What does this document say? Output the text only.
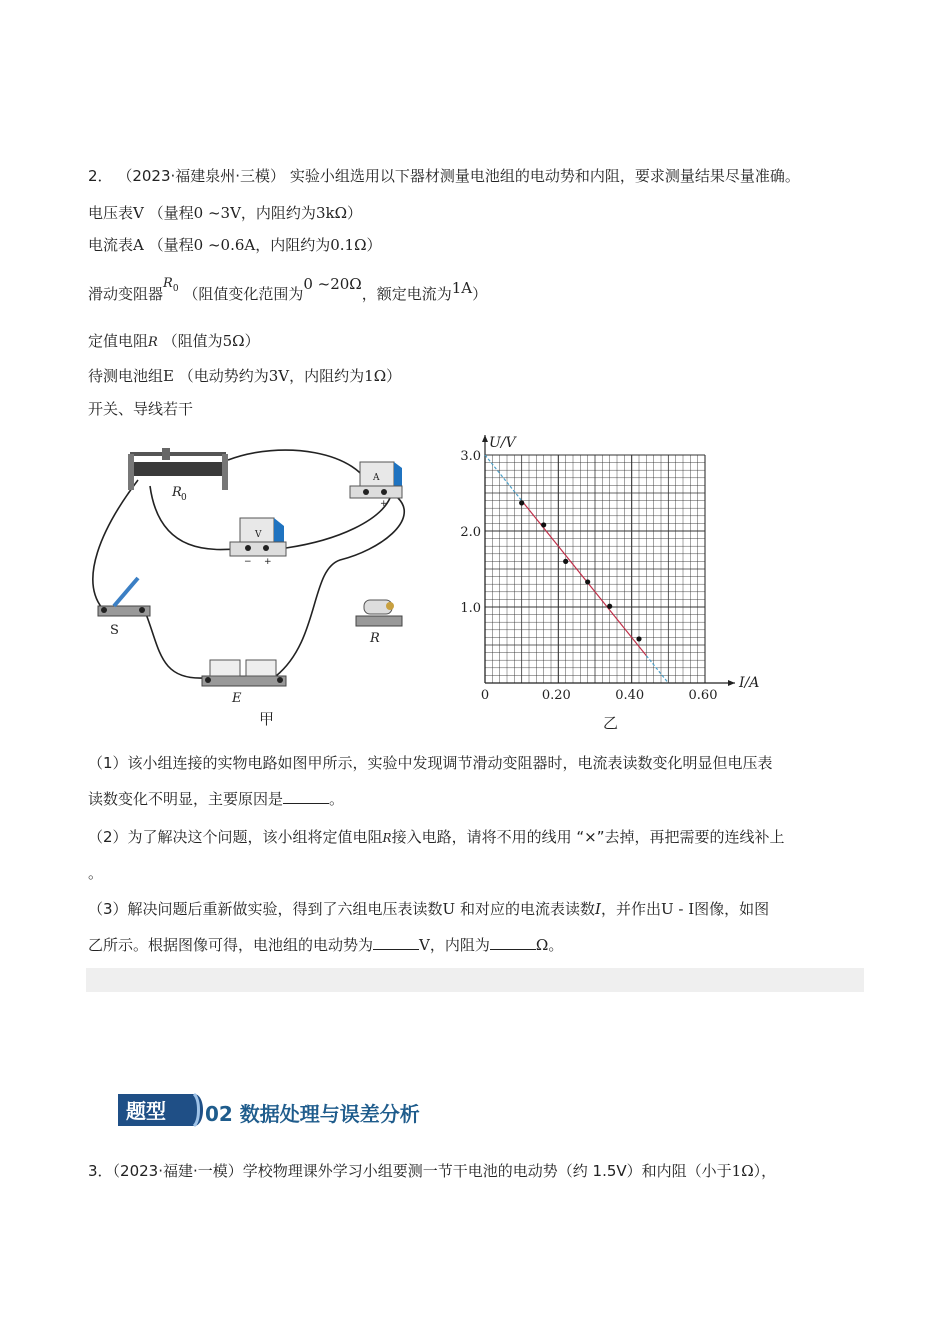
2． （2023·福建泉州·三模） 实验小组选用以下器材测量电池组的电动势和内阻，要求测量结果尽量准确。
电压表V （量程0 ~3V，内阻约为3kΩ）
电流表A （量程0 ~0.6A，内阻约为0.1Ω）
滑动变阻器$R_0$ （阻值变化范围为0 ~20Ω，额定电流为1A）
定值电阻R （阻值为5Ω）
待测电池组E （电动势约为3V，内阻约为1Ω）
开关、导线若干
R 0
A
+
V
+
−
S
R
E
甲
0	0.20	0.40	0.60
1.0
2.0
3.0
I/A
U/V
乙
（1）该小组连接的实物电路如图甲所示，实验中发现调节滑动变阻器时，电流表读数变化明显但电压表
读数变化不明显，主要原因是	。
（2）为了解决这个问题，该小组将定值电阻R接入电路，请将不用的线用 “×”去掉，再把需要的连线补上
。
（3）解决问题后重新做实验，得到了六组电压表读数U 和对应的电流表读数I，并作出U - I图像，如图
乙所示。根据图像可得，电池组的电动势为	V，内阻为	Ω。
题型 02 数据处理与误差分析
3．（2023·福建·一模）学校物理课外学习小组要测一节干电池的电动势（约 1.5V）和内阻（小于1Ω），
